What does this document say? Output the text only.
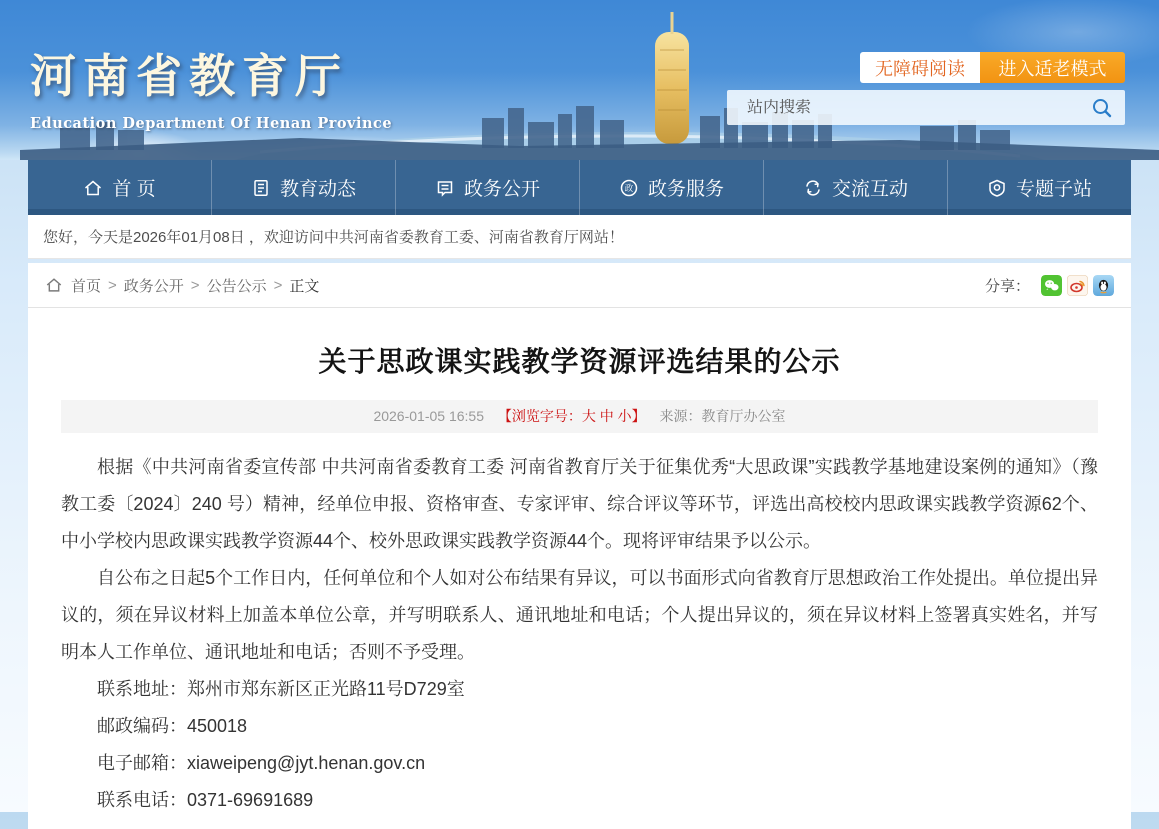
河南省教育厅
Education Department Of Henan Province
无障碍阅读	进入适老模式
站内搜索
首 页	教育动态	政务公开	政 政务服务	交流互动	专题子站
您好，今天是2026年01月08日 ，欢迎访问中共河南省委教育工委、河南省教育厅网站！
首页 > 政务公开 > 公告公示 > 正文	分享：
关于思政课实践教学资源评选结果的公示
2026-01-05 16:55 【浏览字号：大 中 小】 来源：教育厅办公室

根据《中共河南省委宣传部 中共河南省委教育工委 河南省教育厅关于征集优秀“大思政课”实践教学基地建设案例的通知》（豫教工委〔2024〕240 号）精神，经单位申报、资格审查、专家评审、综合评议等环节，评选出高校校内思政课实践教学资源62个、中小学校内思政课实践教学资源44个、校外思政课实践教学资源44个。现将评审结果予以公示。

自公布之日起5个工作日内，任何单位和个人如对公布结果有异议，可以书面形式向省教育厅思想政治工作处提出。单位提出异议的，须在异议材料上加盖本单位公章，并写明联系人、通讯地址和电话；个人提出异议的，须在异议材料上签署真实姓名，并写明本人工作单位、通讯地址和电话；否则不予受理。

联系地址：郑州市郑东新区正光路11号D729室

邮政编码：450018

电子邮箱：xiaweipeng@jyt.henan.gov.cn

联系电话：0371-69691689
